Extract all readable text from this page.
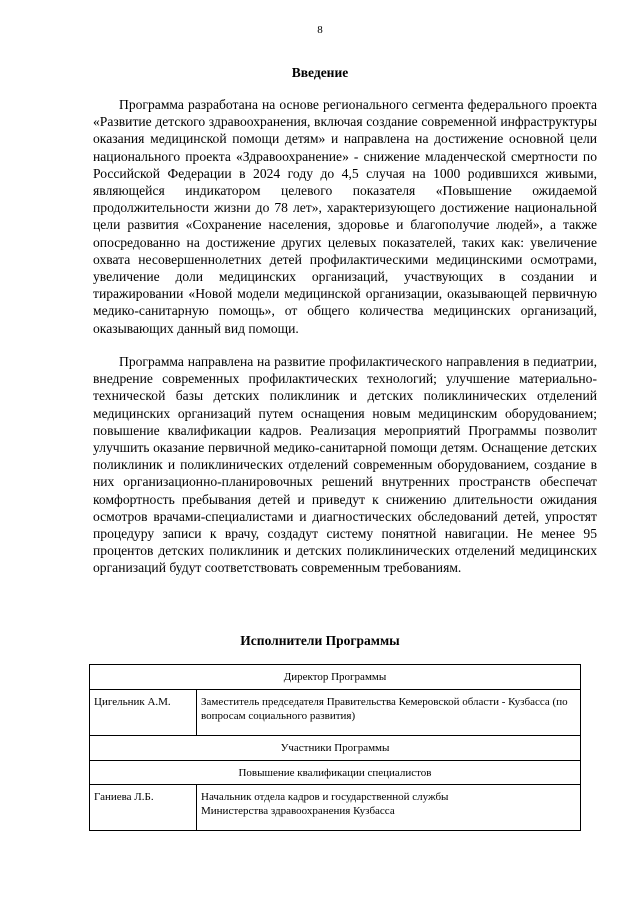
8
Введение

Программа разработана на основе регионального сегмента федерального проекта «Развитие детского здравоохранения, включая создание современной инфраструктуры оказания медицинской помощи детям» и направлена на достижение основной цели национального проекта «Здравоохранение» - снижение младенческой смертности по Российской Федерации в 2024 году до 4,5 случая на 1000 родившихся живыми, являющейся индикатором целевого показателя «Повышение ожидаемой продолжительности жизни до 78 лет», характеризующего достижение национальной цели развития «Сохранение населения, здоровье и благополучие людей», а также опосредованно на достижение других целевых показателей, таких как: увеличение охвата несовершеннолетних детей профилактическими медицинскими осмотрами, увеличение доли медицинских организаций, участвующих в создании и тиражировании «Новой модели медицинской организации, оказывающей первичную медико-санитарную помощь», от общего количества медицинских организаций, оказывающих данный вид помощи.

Программа направлена на развитие профилактического направления в педиатрии, внедрение современных профилактических технологий; улучшение материально-технической базы детских поликлиник и детских поликлинических отделений медицинских организаций путем оснащения новым медицинским оборудованием; повышение квалификации кадров. Реализация мероприятий Программы позволит улучшить оказание первичной медико-санитарной помощи детям. Оснащение детских поликлиник и поликлинических отделений современным оборудованием, создание в них организационно-планировочных решений внутренних пространств обеспечат комфортность пребывания детей и приведут к снижению длительности ожидания осмотров врачами-специалистами и диагностических обследований детей, упростят процедуру записи к врачу, создадут систему понятной навигации. Не менее 95 процентов детских поликлиник и детских поликлинических отделений медицинских организаций будут соответствовать современным требованиям.

Исполнители Программы
Директор Программы	
Цигельник А.М.	Заместитель председателя Правительства Кемеровской области - Кузбасса (по вопросам социального развития)
Участники Программы	
Повышение квалификации специалистов	
Ганиева Л.Б.	Начальник отдела кадров и государственной службы
Министерства здравоохранения Кузбасса
